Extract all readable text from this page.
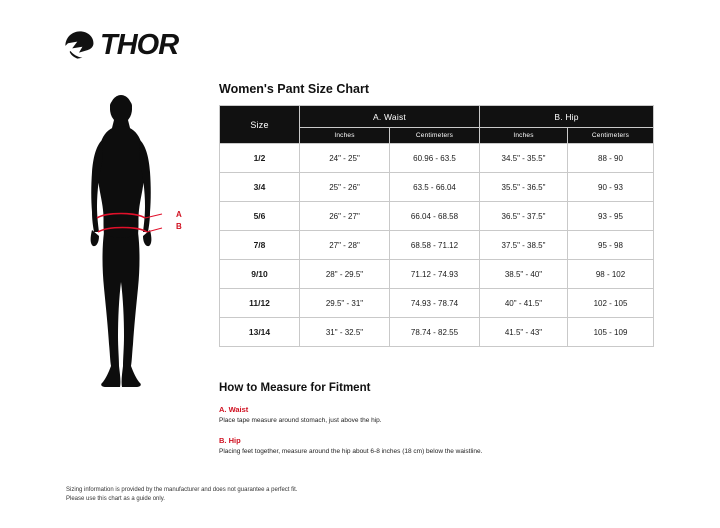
THOR
A
B
Women's Pant Size Chart
Size	A. Waist		B. Hip	
	Inches	Centimeters	Inches	Centimeters
1/2	24" - 25"	60.96 - 63.5	34.5" - 35.5"	88 - 90
3/4	25" - 26"	63.5 - 66.04	35.5" - 36.5"	90 - 93
5/6	26" - 27"	66.04 - 68.58	36.5" - 37.5"	93 - 95
7/8	27" - 28"	68.58 - 71.12	37.5" - 38.5"	95 - 98
9/10	28" - 29.5"	71.12 - 74.93	38.5" - 40"	98 - 102
11/12	29.5" - 31"	74.93 - 78.74	40" - 41.5"	102 - 105
13/14	31" - 32.5"	78.74 - 82.55	41.5" - 43"	105 - 109
How to Measure for Fitment
A. Waist
Place tape measure around stomach, just above the hip.
B. Hip
Placing feet together, measure around the hip about 6-8 inches (18 cm) below the waistline.
Sizing information is provided by the manufacturer and does not guarantee a perfect fit.
Please use this chart as a guide only.
